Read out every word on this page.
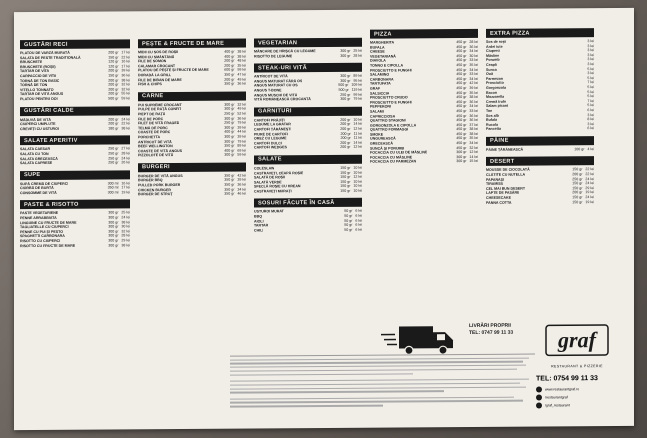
GUSTĂRI RECI
PLATOU DE VARZĂ MURATĂ	200 gr 17 lei
SALATA DE PESTE TRADITIONALĂ	150 gr 22 lei
BRUSCHETE	120 gr 16 lei
BRUSCHETE (ROȘII)	120 gr 17 lei
TARTAR DE VITA	200 gr 39 lei
CARPACCIO DE VITA	150 gr 36 lei
TORNĂ DE TON BASIC	200 gr 38 lei
TORNĂ DE TON	200 gr 32 lei
VITELLO TONNATO	200 gr 32 lei
TARTAR DE VITĂ ANGUS	200 gr 55 lei
PLATOU PENTRU DOI	500 gr 59 lei
GUSTĂRI CALDE
MĂDUVĂ DE VITĂ	200 gr 24 lei
CIUPERCI UMPLUTE	200 gr 22 lei
CREVEȚI CU USTUROI	180 gr 38 lei
SALATE APERITIV
SALATA CAESAR	250 gr 27 lei
SALATA CU TON	250 gr 28 lei
SALATA GRECEASCĂ	250 gr 24 lei
SALATA CAPRESE	250 gr 26 lei
SUPE
SUPĂ CREMĂ DE CIUPERCI	300 ml 16 lei
CIORBĂ DE BURTĂ	350 ml 17 lei
CONSOMMÉ DE VITĂ	300 ml 19 lei
PASTE & RISOTTO
PASTE VEGETARIENE	300 gr 25 lei
PENNE ARRABBIATA	300 gr 24 lei
LINGUINE CU FRUCTE DE MARE	300 gr 38 lei
TAGLIATELLE CU CIUPERCI	300 gr 30 lei
PENNE CU PUI ȘI PESTO	300 gr 32 lei
SPAGHETTI CARBONARA	300 gr 28 lei
RISOTTO CU CIUPERCI	300 gr 29 lei
RISOTTO CU FRUCTE DE MARE	300 gr 38 lei
PEȘTE & FRUCTE DE MARE
MIDII CU SOS DE ROȘII	400 gr 38 lei
MIDII CU SMÂNTÂNĂ	400 gr 38 lei
FILE DE SOMON	200 gr 48 lei
CALAMAR CROCANT	200 gr 35 lei
PLATOU DE PEȘTE ȘI FRUCTE DE MARE	600 gr 99 lei
DORADĂ LA GRILL	350 gr 47 lei
FILE DE BIBAN DE MARE	200 gr 49 lei
FISH & CHIPS	350 gr 36 lei
CARNE
PUI SUPREME CROCANT	300 gr 32 lei
PULPE DE RAȚĂ CONFIT	300 gr 49 lei
PIEPT DE RAȚĂ	250 gr 52 lei
FILE DE PORC	300 gr 36 lei
FILET DE VITĂ FRAGED	250 gr 79 lei
TELMĂ DE PORC	300 gr 39 lei
COASTE DE PORC	400 gr 44 lei
PORCHETTA	300 gr 39 lei
ANTRICOT DE VITĂ	300 gr 79 lei
BEEF WELLINGTON	350 gr 89 lei
COASTE DE VITĂ ANGUS	400 gr 69 lei
PIZZOLOTE DE VITĂ	300 gr 59 lei
BURGERI
BURGER DE VITĂ ANGUS	350 gr 42 lei
BURGER BBQ	350 gr 39 lei
PULLED PORK BURGER	350 gr 36 lei
CHICKEN BURGER	350 gr 34 lei
BURGER DE STRUȚ	350 gr 46 lei
VEGETARIAN
MĂNCARE DE HRIȘCĂ CU LEGUME	300 gr 25 lei
RISOTTO DE LEGUME	300 gr 28 lei
STEAK-URI VITĂ
ANTRICOT DE VITĂ	300 gr 89 lei
ANGUS MATURAT FĂRĂ OS	300 gr 95 lei
ANGUS MATURAT CU OS	500 gr 109 lei
ANGUS T-BONE	500 gr 119 lei
ANGUS MUSCHI DE VITĂ	250 gr 99 lei
VITĂ ROMÂNEASCĂ CROCANTĂ	300 gr 79 lei
GARNITURI
CARTOFI PRĂJIȚI	200 gr 10 lei
LEGUME LA GRATAR	200 gr 14 lei
CARTOFI ȚĂRĂNEȘTI	200 gr 12 lei
PIURE DE CARTOFI	200 gr 11 lei
OREZ CU LEGUME	200 gr 11 lei
CARTOFI DULCI	200 gr 14 lei
CARTOFI WEDGES	200 gr 12 lei
SALATE
COLESLAW	150 gr 10 lei
CASTRAVEȚI, CEAPĂ ROȘIE	150 gr 10 lei
SALATĂ DE ROȘII	150 gr 12 lei
SALATĂ VERDE	150 gr 10 lei
SFECLĂ ROȘIE CU HREAN	150 gr 10 lei
CASTRAVEȚI MURAȚI	150 gr 10 lei
SOSURI FĂCUTE ÎN CASĂ
USTUROI MURAT	50 gr 6 lei
BBQ	50 gr 6 lei
AIOLI	50 gr 6 lei
TARTAR	50 gr 6 lei
CHILI	50 gr 6 lei
PIZZA
MARGHERITA	450 gr 28 lei
BUFALA	450 gr 36 lei
CHEESE	450 gr 34 lei
VEGETARIANĂ	450 gr 30 lei
DIAVOLA	450 gr 33 lei
TONNO E CIPOLLA	450 gr 35 lei
PROSCIUTTO E FUNGHI	450 gr 34 lei
SALAMINO	450 gr 33 lei
CARBONARA	450 gr 34 lei
TARTUFATA	450 gr 42 lei
GRAF	450 gr 39 lei
SALSICCIA	450 gr 35 lei
PROSCIUTTO CRUDO	450 gr 38 lei
PROSCIUTTO E FUNGHI	450 gr 36 lei
PEPPERONI	450 gr 34 lei
SALAMI	450 gr 33 lei
CAPRICCIOSA	450 gr 36 lei
QUATTRO STAGIONI	450 gr 36 lei
GORGONZOLA E CIPOLLA	450 gr 37 lei
QUATTRO FORMAGGI	450 gr 38 lei
SMOKE	450 gr 38 lei
UNGUREASCĂ	450 gr 35 lei
GRECEASCĂ	450 gr 34 lei
SUNCĂ ȘI PORUMB	450 gr 32 lei
FOCACCIA CU ULEI DE MĂSLINE	300 gr 12 lei
FOCACCIA CU MĂSLINE	300 gr 14 lei
FOCACCIA CU PARMEZAN	300 gr 15 lei
EXTRA PIZZA
Sos de roșii	3 lei
Ardei iute	3 lei
Ciuperci	3 lei
Măsline	3 lei
Porumb	3 lei
Ceapă	3 lei
Sunca	5 lei
Ouă	3 lei
Parmezan	5 lei
Prosciutto	7 lei
Gorgonzola	5 lei
Bacon	5 lei
Mozzarella	5 lei
Cremă trufe	7 lei
Salam picant	5 lei
Ton	6 lei
Sos alb	3 lei
Bufala	8 lei
Rucola	3 lei
Pancetta	6 lei
PÂINE
PÂINE ȚĂRĂNEASCĂ	100 gr 4 lei
DESERT
MOUSSE DE CIOCOLATĂ	150 gr 22 lei
CLĂTITE CU NUTELLA	200 gr 22 lei
PAPANAȘI	250 gr 24 lei
TIRAMISU	150 gr 24 lei
CEL MAI BUN DESERT	150 gr 29 lei
LAPTE DE PASĂRE	200 gr 19 lei
CHEESECAKE	150 gr 24 lei
PANNA COTTA	150 gr 19 lei
LIVRĂRI PROPRII
TEL: 0747 99 11 33 graf
RESTAURANT & PIZZERIE
TEL: 0754 99 11 33
www.restaurantgraf.ro
/restaurantgraf
/graf_restaurant
